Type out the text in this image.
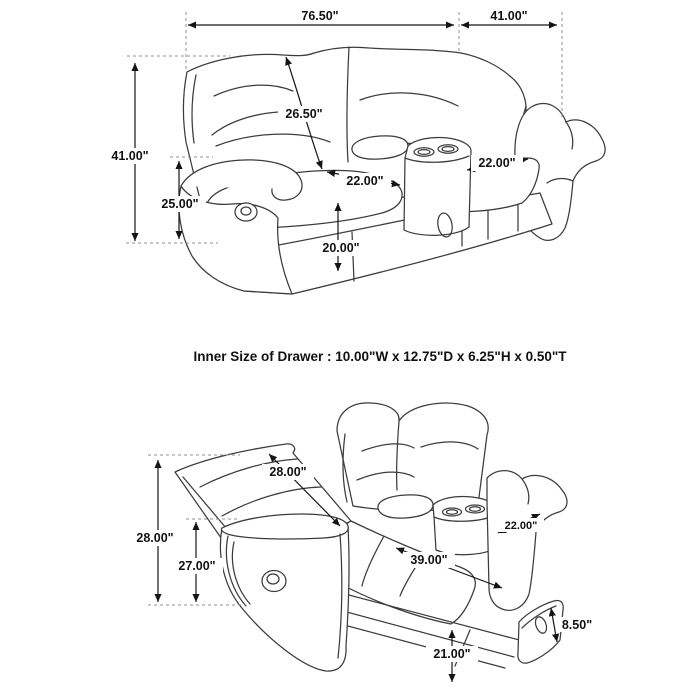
76.50"	41.00"
41.00"
25.00"
26.50"
22.00"
22.00"
20.00"
Inner Size of Drawer : 10.00"W x 12.75"D x 6.25"H x 0.50"T
28.00"
28.00"
27.00"
22.00"
39.00"
8.50"
21.00"
